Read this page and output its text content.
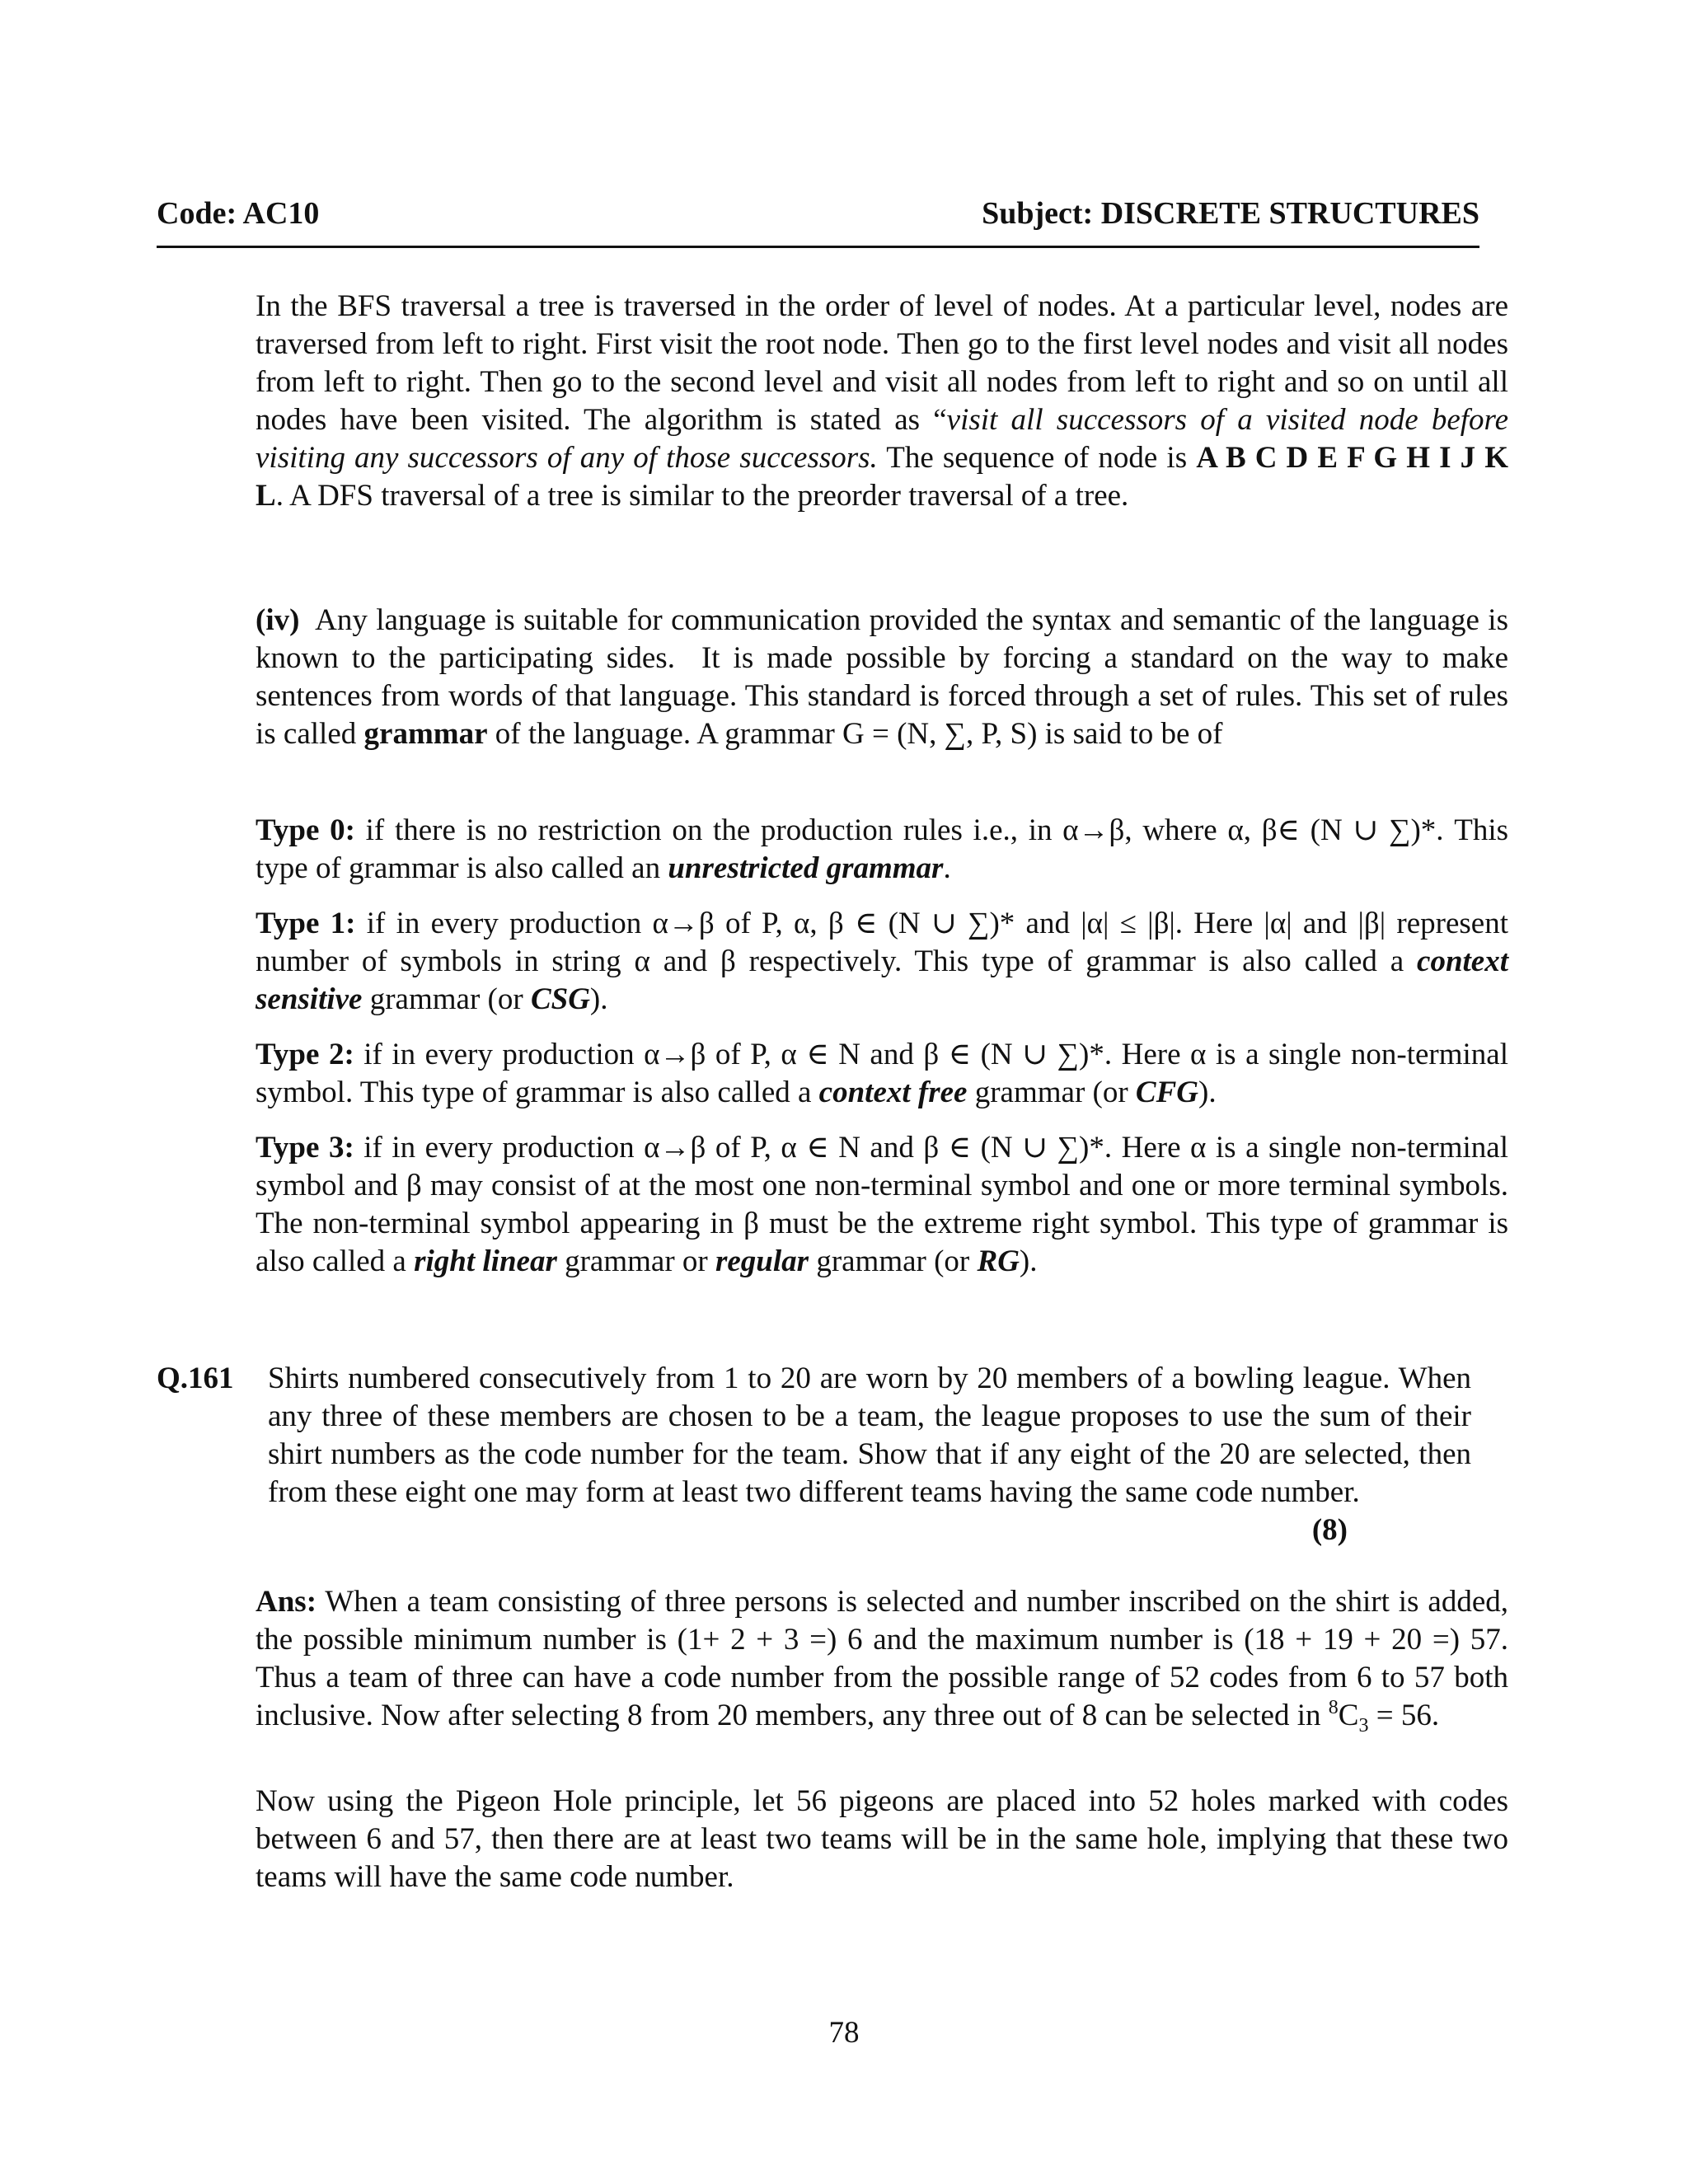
Code: AC10	Subject: DISCRETE STRUCTURES

In the BFS traversal a tree is traversed in the order of level of nodes. At a particular level, nodes are traversed from left to right. First visit the root node. Then go to the first level nodes and visit all nodes from left to right. Then go to the second level and visit all nodes from left to right and so on until all nodes have been visited. The algorithm is stated as “visit all successors of a visited node before visiting any successors of any of those successors. The sequence of node is A B C D E F G H I J K L. A DFS traversal of a tree is similar to the preorder traversal of a tree.

(iv)  Any language is suitable for communication provided the syntax and semantic of the language is known to the participating sides.  It is made possible by forcing a standard on the way to make sentences from words of that language. This standard is forced through a set of rules. This set of rules is called grammar of the language. A grammar G = (N, ∑, P, S) is said to be of

Type 0: if there is no restriction on the production rules i.e., in α→β, where α, β∈ (N ∪ ∑)*. This type of grammar is also called an unrestricted grammar.

Type 1: if in every production α→β of P, α, β ∈ (N ∪ ∑)* and |α| ≤ |β|. Here |α| and |β| represent number of symbols in string α and β respectively. This type of grammar is also called a context sensitive grammar (or CSG).

Type 2: if in every production α→β of P, α ∈ N and β ∈ (N ∪ ∑)*. Here α is a single non-terminal symbol. This type of grammar is also called a context free grammar (or CFG).

Type 3: if in every production α→β of P, α ∈ N and β ∈ (N ∪ ∑)*. Here α is a single non-terminal symbol and β may consist of at the most one non-terminal symbol and one or more terminal symbols. The non-terminal symbol appearing in β must be the extreme right symbol. This type of grammar is also called a right linear grammar or regular grammar (or RG).

Q.161 Shirts numbered consecutively from 1 to 20 are worn by 20 members of a bowling league. When any three of these members are chosen to be a team, the league proposes to use the sum of their shirt numbers as the code number for the team. Show that if any eight of the 20 are selected, then from these eight one may form at least two different teams having the same code number.
(8)

Ans: When a team consisting of three persons is selected and number inscribed on the shirt is added, the possible minimum number is (1+ 2 + 3 =) 6 and the maximum number is (18 + 19 + 20 =) 57. Thus a team of three can have a code number from the possible range of 52 codes from 6 to 57 both inclusive. Now after selecting 8 from 20 members, any three out of 8 can be selected in $^8C_3 = 56$.

Now using the Pigeon Hole principle, let 56 pigeons are placed into 52 holes marked with codes between 6 and 57, then there are at least two teams will be in the same hole, implying that these two teams will have the same code number.

78
